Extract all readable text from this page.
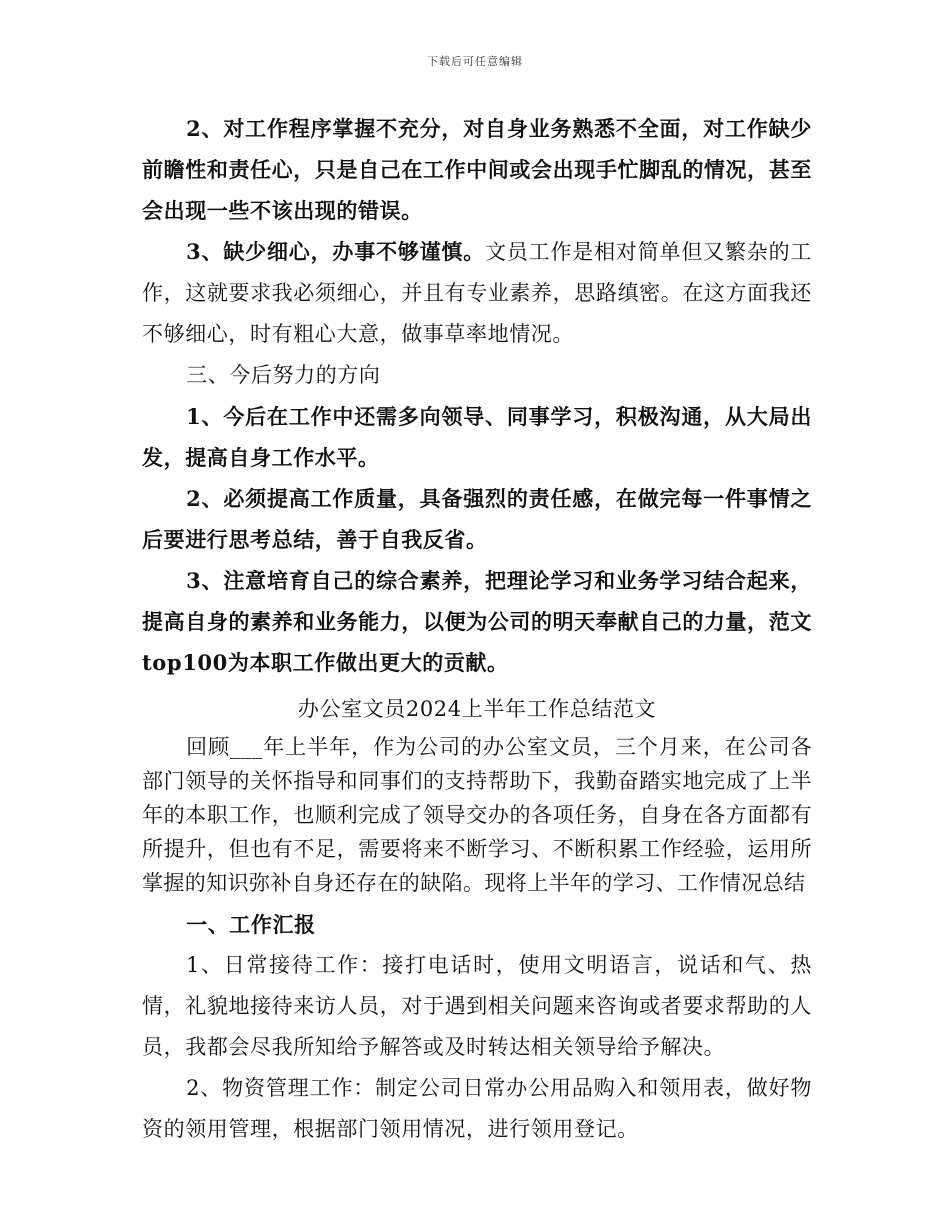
下载后可任意编辑

2、对工作程序掌握不充分，对自身业务熟悉不全面，对工作缺少前瞻性和责任心，只是自己在工作中间或会出现手忙脚乱的情况，甚至会出现一些不该出现的错误。

3、缺少细心，办事不够谨慎。文员工作是相对简单但又繁杂的工作，这就要求我必须细心，并且有专业素养，思路缜密。在这方面我还不够细心，时有粗心大意，做事草率地情况。

三、今后努力的方向

1、今后在工作中还需多向领导、同事学习，积极沟通，从大局出发，提高自身工作水平。

2、必须提高工作质量，具备强烈的责任感，在做完每一件事情之后要进行思考总结，善于自我反省。

3、注意培育自己的综合素养，把理论学习和业务学习结合起来，提高自身的素养和业务能力，以便为公司的明天奉献自己的力量，范文top100为本职工作做出更大的贡献。

办公室文员2024上半年工作总结范文

回顾___年上半年，作为公司的办公室文员，三个月来，在公司各部门领导的关怀指导和同事们的支持帮助下，我勤奋踏实地完成了上半年的本职工作，也顺利完成了领导交办的各项任务，自身在各方面都有所提升，但也有不足，需要将来不断学习、不断积累工作经验，运用所掌握的知识弥补自身还存在的缺陷。现将上半年的学习、工作情况总结

一、工作汇报

1、日常接待工作：接打电话时，使用文明语言，说话和气、热情，礼貌地接待来访人员，对于遇到相关问题来咨询或者要求帮助的人员，我都会尽我所知给予解答或及时转达相关领导给予解决。

2、物资管理工作：制定公司日常办公用品购入和领用表，做好物资的领用管理，根据部门领用情况，进行领用登记。
